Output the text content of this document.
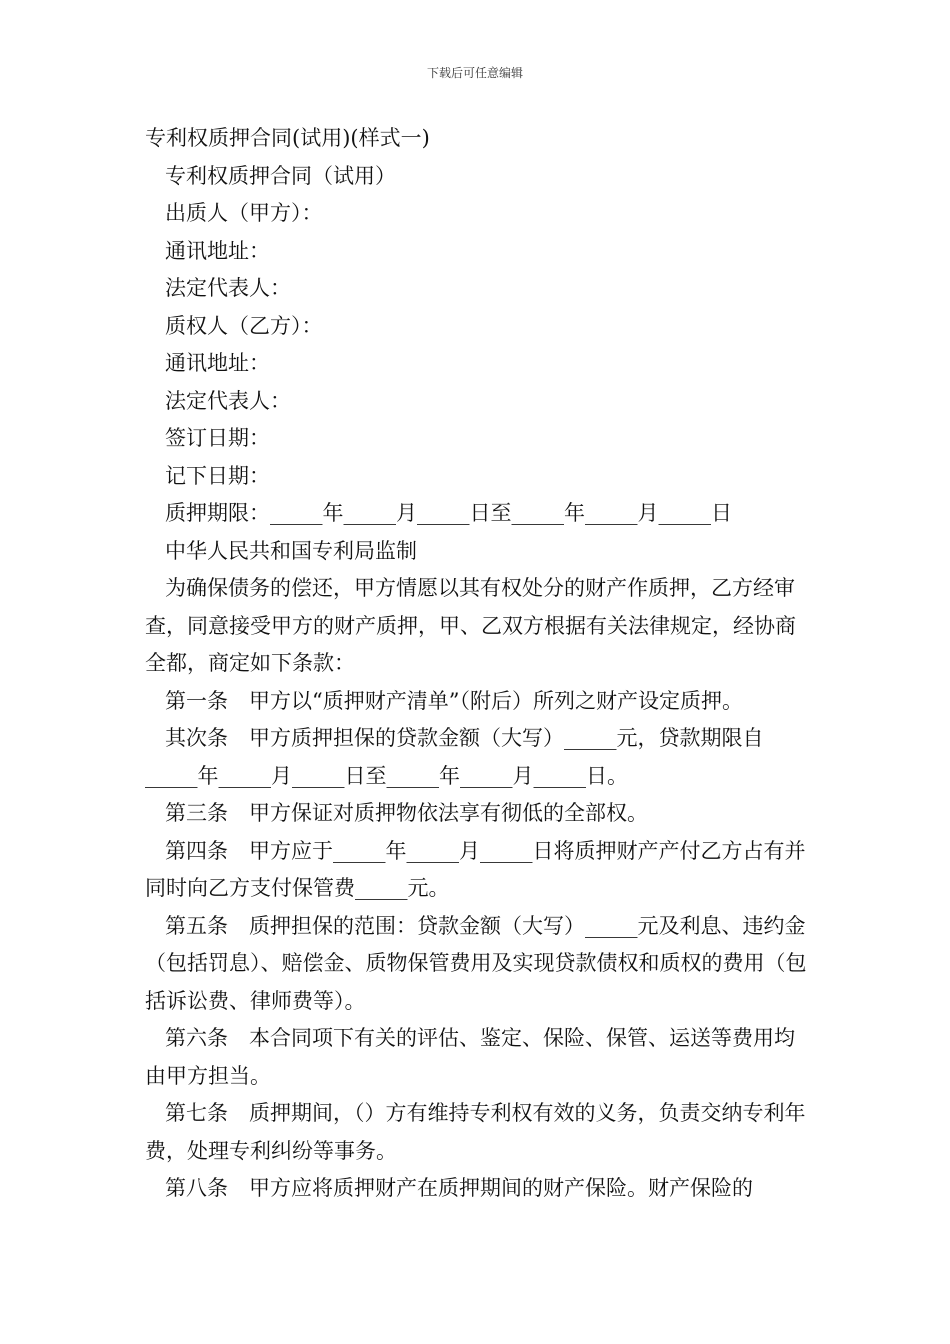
下载后可任意编辑
专利权质押合同(试用)(样式一)
专利权质押合同（试用）
出质人（甲方）：
通讯地址：
法定代表人：
质权人（乙方）：
通讯地址：
法定代表人：
签订日期：
记下日期：
质押期限：_____年_____月_____日至_____年_____月_____日
中华人民共和国专利局监制
为确保债务的偿还，甲方情愿以其有权处分的财产作质押，乙方经审查，同意接受甲方的财产质押，甲、乙双方根据有关法律规定，经协商全都，商定如下条款：
第一条　甲方以“质押财产清单”（附后）所列之财产设定质押。
其次条　甲方质押担保的贷款金额（大写）_____元，贷款期限自_____年_____月_____日至_____年_____月_____日。
第三条　甲方保证对质押物依法享有彻低的全部权。
第四条　甲方应于_____年_____月_____日将质押财产产付乙方占有并同时向乙方支付保管费_____元。
第五条　质押担保的范围：贷款金额（大写）_____元及利息、违约金（包括罚息）、赔偿金、质物保管费用及实现贷款债权和质权的费用（包括诉讼费、律师费等）。
第六条　本合同项下有关的评估、鉴定、保险、保管、运送等费用均由甲方担当。
第七条　质押期间，（）方有维持专利权有效的义务，负责交纳专利年费，处理专利纠纷等事务。
第八条　甲方应将质押财产在质押期间的财产保险。财产保险的
